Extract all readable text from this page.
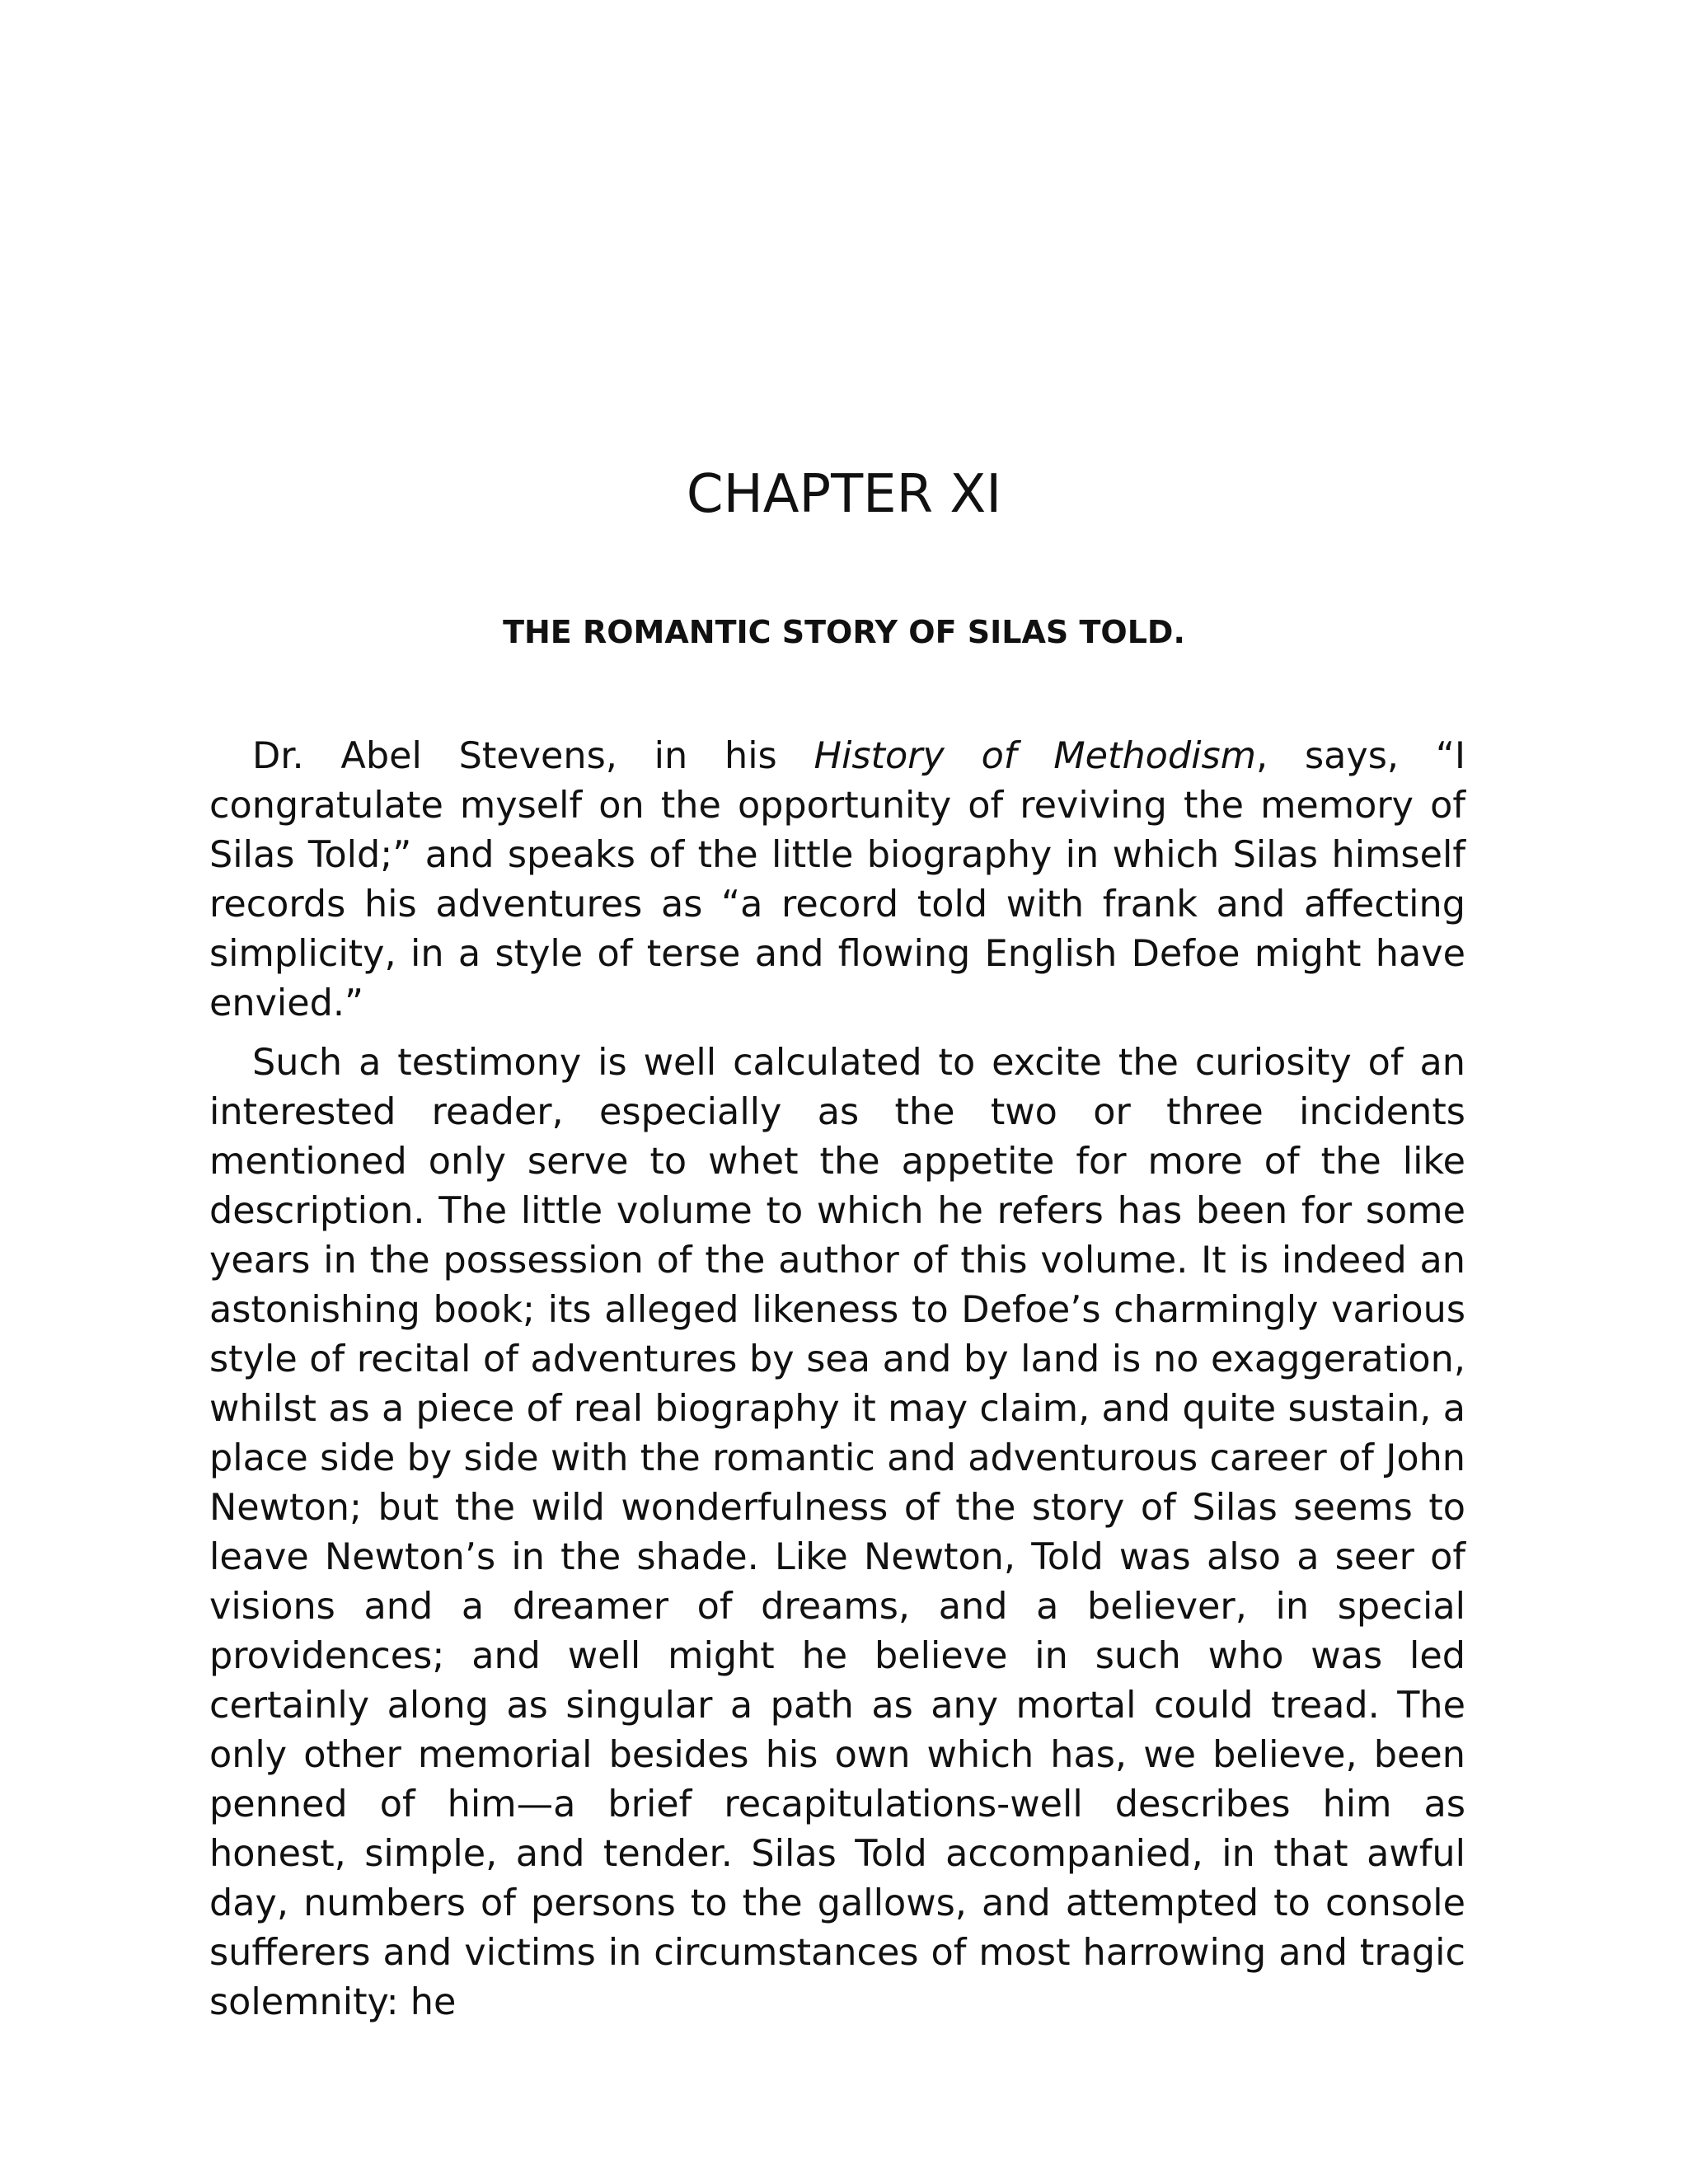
CHAPTER XI
THE ROMANTIC STORY OF SILAS TOLD.

Dr. Abel Stevens, in his History of Methodism, says, “I congratulate myself on the opportunity of reviving the memory of Silas Told;” and speaks of the little biography in which Silas himself records his adventures as “a record told with frank and affecting simplicity, in a style of terse and flowing English Defoe might have envied.”

Such a testimony is well calculated to excite the curiosity of an interested reader, especially as the two or three incidents mentioned only serve to whet the appetite for more of the like description. The little volume to which he refers has been for some years in the possession of the author of this volume. It is indeed an astonishing book; its alleged likeness to Defoe’s charmingly various style of recital of adventures by sea and by land is no exaggeration, whilst as a piece of real biography it may claim, and quite sustain, a place side by side with the romantic and adventurous career of John Newton; but the wild wonderfulness of the story of Silas seems to leave Newton’s in the shade. Like Newton, Told was also a seer of visions and a dreamer of dreams, and a believer, in special providences; and well might he believe in such who was led certainly along as singular a path as any mortal could tread. The only other memorial besides his own which has, we believe, been penned of him—a brief recapitulations-well describes him as honest, simple, and tender. Silas Told accompanied, in that awful day, numbers of persons to the gallows, and attempted to console sufferers and victims in circumstances of most harrowing and tragic solemnity: he
